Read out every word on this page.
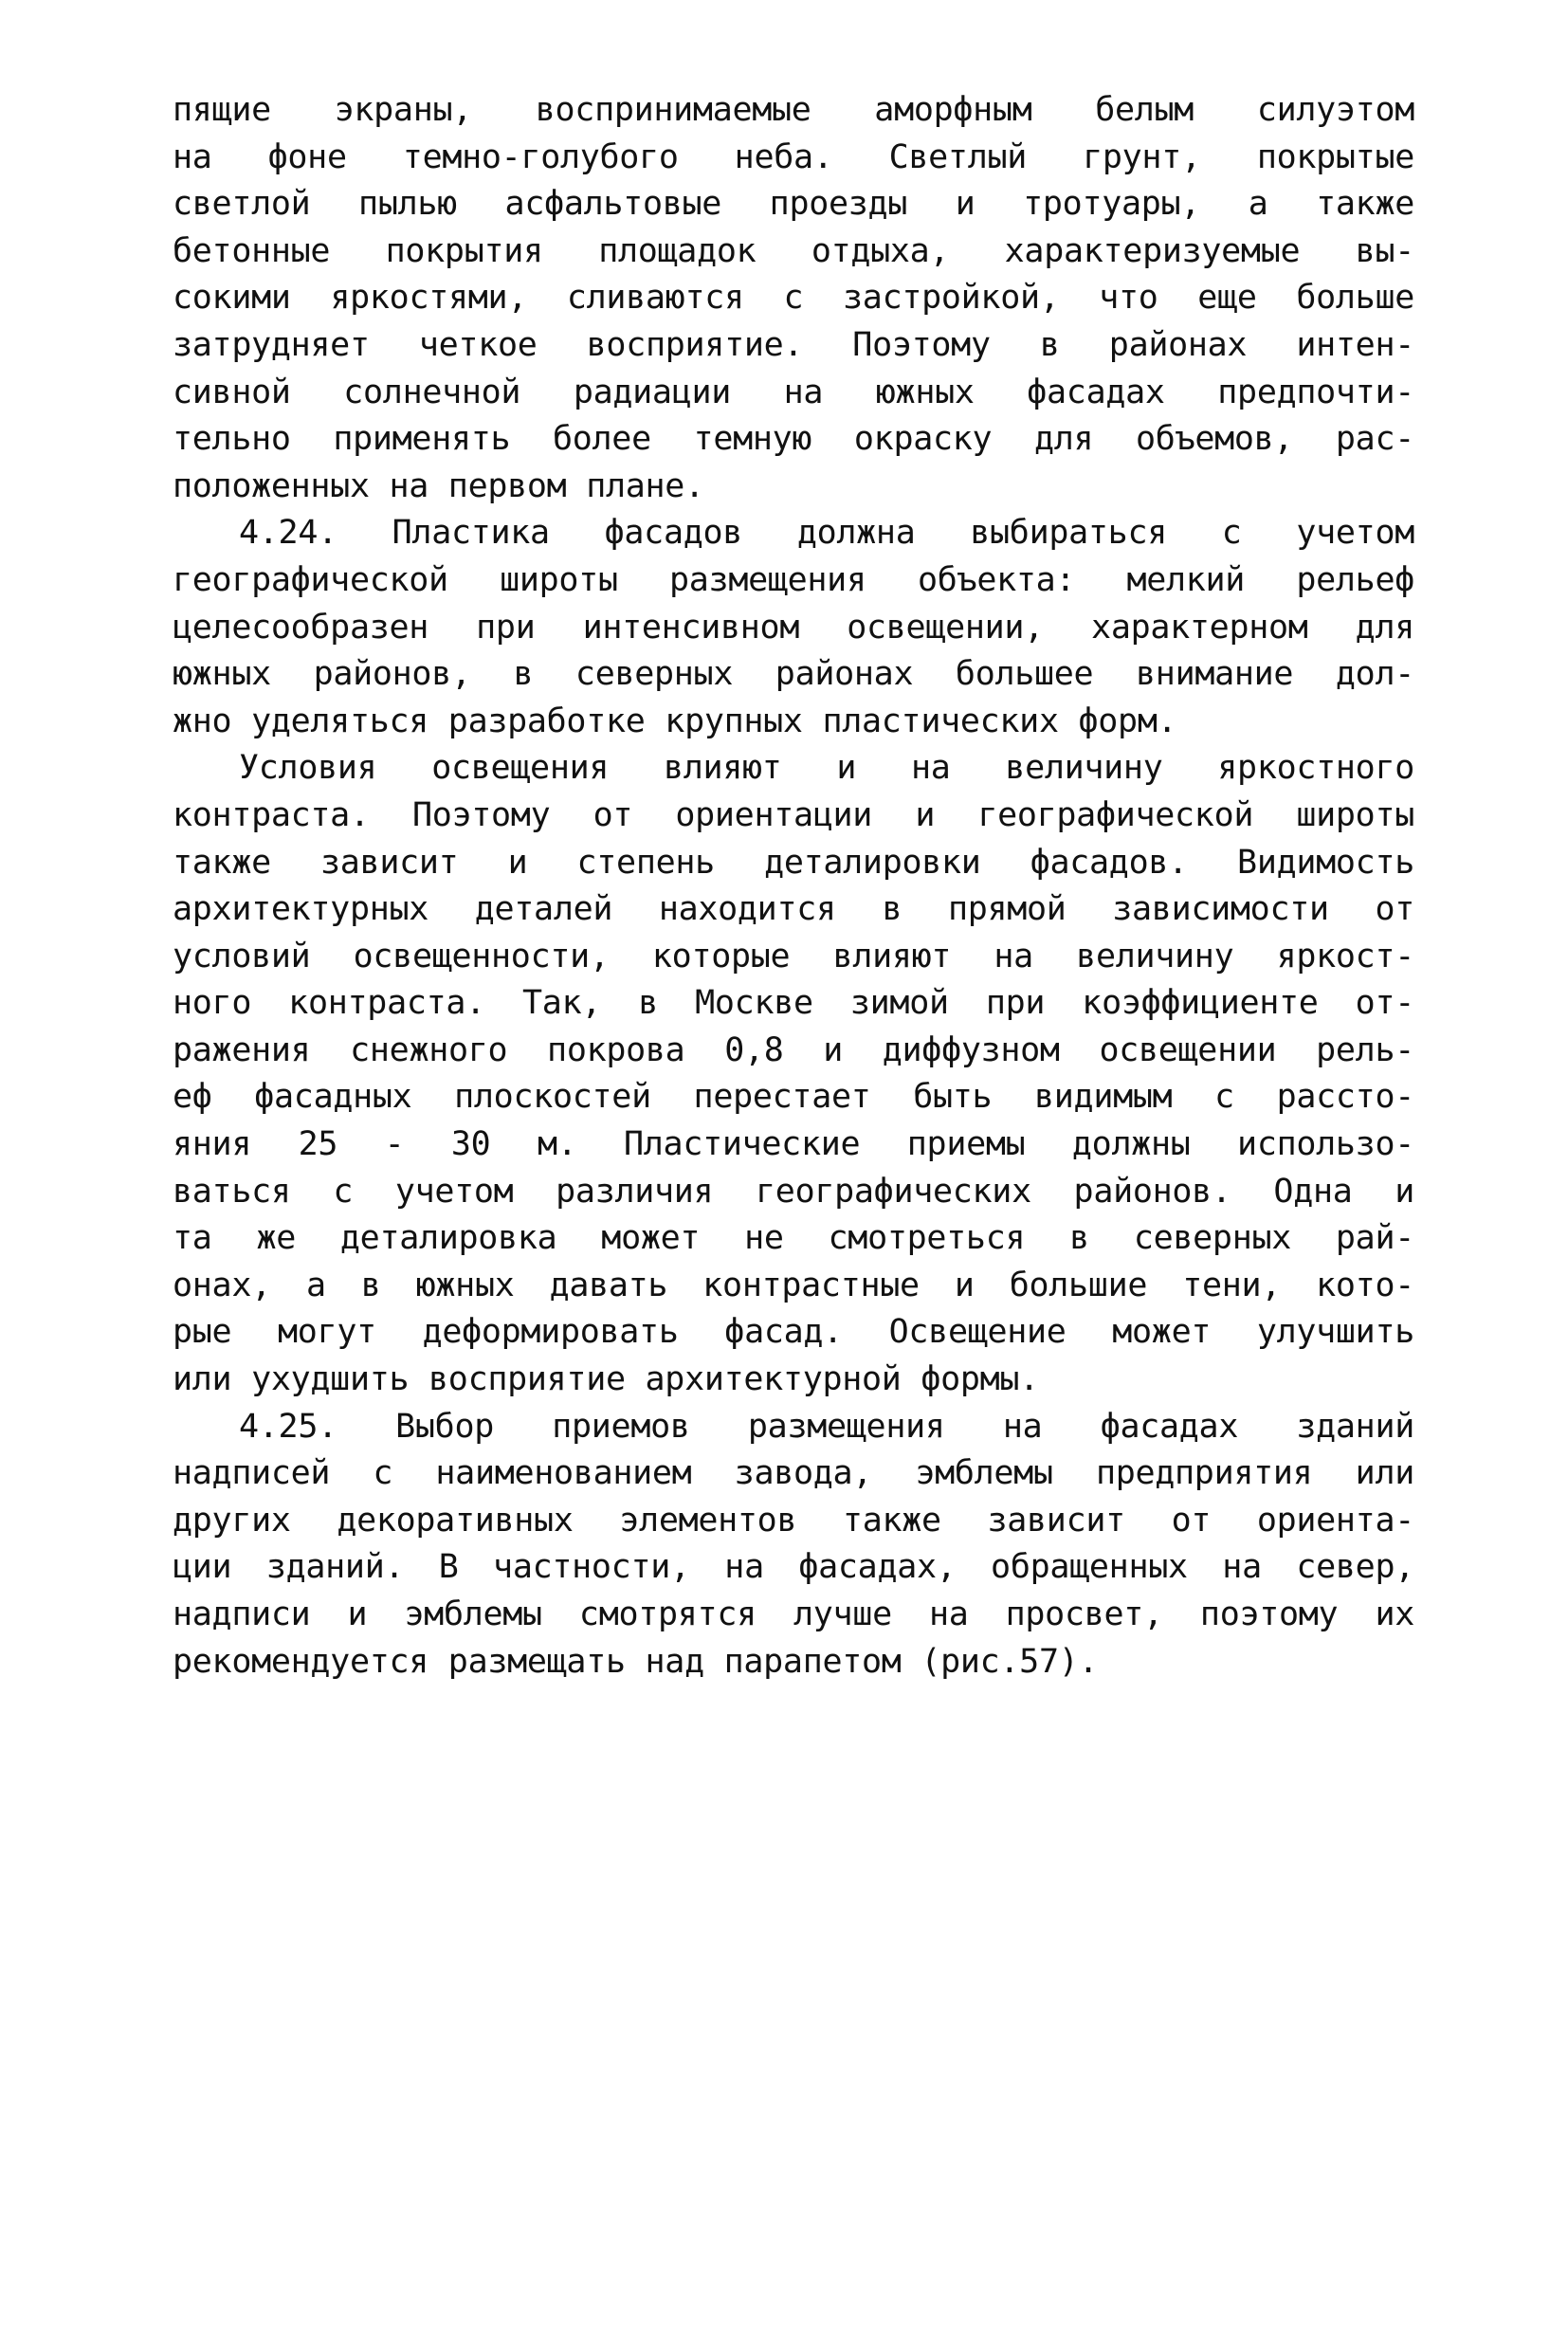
пящие экраны, воспринимаемые аморфным белым силуэтом
на фоне темно-голубого неба. Светлый грунт, покрытые
светлой пылью асфальтовые проезды и тротуары, а также
бетонные покрытия площадок отдыха, характеризуемые вы-
сокими яркостями, сливаются с застройкой, что еще больше
затрудняет четкое восприятие. Поэтому в районах интен-
сивной солнечной радиации на южных фасадах предпочти-
тельно применять более темную окраску для объемов, рас-
положенных на первом плане.
4.24. Пластика фасадов должна выбираться с учетом
географической широты размещения объекта: мелкий рельеф
целесообразен при интенсивном освещении, характерном для
южных районов, в северных районах большее внимание дол-
жно уделяться разработке крупных пластических форм.
Условия освещения влияют и на величину яркостного
контраста. Поэтому от ориентации и географической широты
также зависит и степень деталировки фасадов. Видимость
архитектурных деталей находится в прямой зависимости от
условий освещенности, которые влияют на величину яркост-
ного контраста. Так, в Москве зимой при коэффициенте от-
ражения снежного покрова 0,8 и диффузном освещении рель-
еф фасадных плоскостей перестает быть видимым с рассто-
яния 25 - 30 м. Пластические приемы должны использо-
ваться с учетом различия географических районов. Одна и
та же деталировка может не смотреться в северных рай-
онах, а в южных давать контрастные и большие тени, кото-
рые могут деформировать фасад. Освещение может улучшить
или ухудшить восприятие архитектурной формы.
4.25. Выбор приемов размещения на фасадах зданий
надписей с наименованием завода, эмблемы предприятия или
других декоративных элементов также зависит от ориента-
ции зданий. В частности, на фасадах, обращенных на север,
надписи и эмблемы смотрятся лучше на просвет, поэтому их
рекомендуется размещать над парапетом (рис.57).
